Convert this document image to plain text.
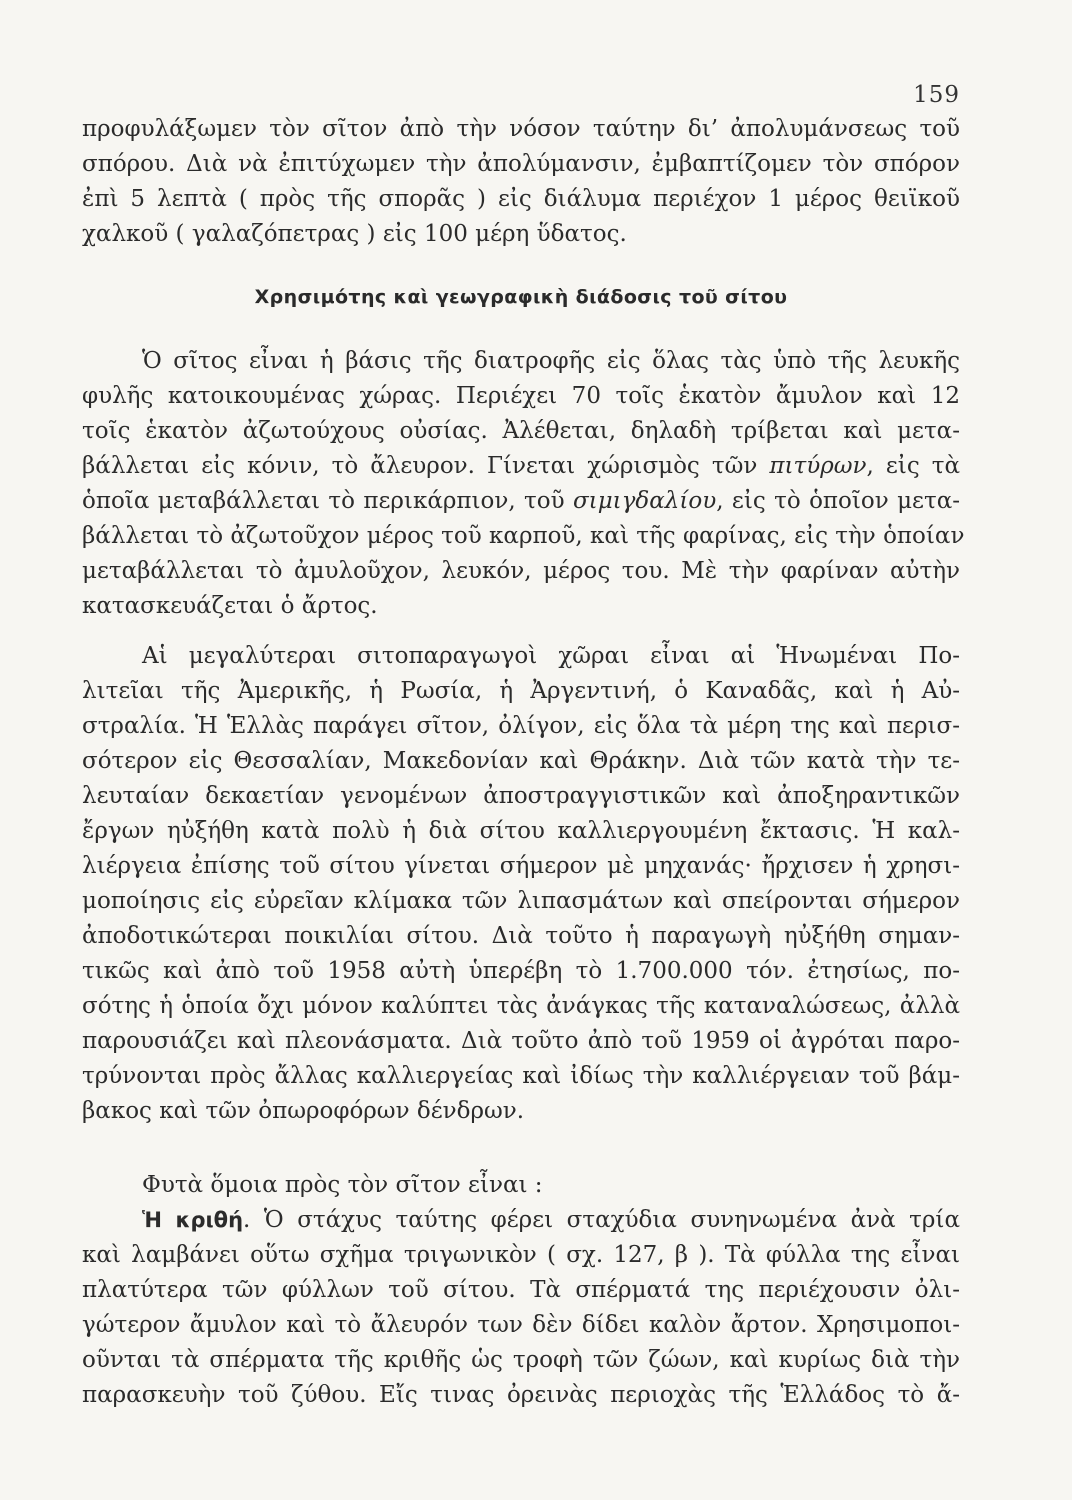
159
προφυλάξωμεν τὸν σῖτον ἀπὸ τὴν νόσον ταύτην δι’ ἀπολυμάνσεως τοῦ
σπόρου. Διὰ νὰ ἐπιτύχωμεν τὴν ἀπολύμανσιν, ἐμβαπτίζομεν τὸν σπόρον
ἐπὶ 5 λεπτὰ ( πρὸς τῆς σπορᾶς ) εἰς διάλυμα περιέχον 1 μέρος θειϊκοῦ
χαλκοῦ ( γαλαζόπετρας ) εἰς 100 μέρη ὕδατος.
Χρησιμότης καὶ γεωγραφικὴ διάδοσις τοῦ σίτου
Ὁ σῖτος εἶναι ἡ βάσις τῆς διατροφῆς εἰς ὅλας τὰς ὑπὸ τῆς λευκῆς
φυλῆς κατοικουμένας χώρας. Περιέχει 70 τοῖς ἑκατὸν ἄμυλον καὶ 12
τοῖς ἑκατὸν ἀζωτούχους οὐσίας. Ἀλέθεται, δηλαδὴ τρίβεται καὶ μετα-
βάλλεται εἰς κόνιν, τὸ ἄλευρον. Γίνεται χώρισμὸς τῶν πιτύρων, εἰς τὰ
ὁποῖα μεταβάλλεται τὸ περικάρπιον, τοῦ σιμιγδαλίου, εἰς τὸ ὁποῖον μετα-
βάλλεται τὸ ἀζωτοῦχον μέρος τοῦ καρποῦ, καὶ τῆς φαρίνας, εἰς τὴν ὁποίαν
μεταβάλλεται τὸ ἀμυλοῦχον, λευκόν, μέρος του. Μὲ τὴν φαρίναν αὐτὴν
κατασκευάζεται ὁ ἄρτος.
Αἱ μεγαλύτεραι σιτοπαραγωγοὶ χῶραι εἶναι αἱ Ἡνωμέναι Πο-
λιτεῖαι τῆς Ἀμερικῆς, ἡ Ρωσία, ἡ Ἀργεντινή, ὁ Καναδᾶς, καὶ ἡ Αὐ-
στραλία. Ἡ Ἑλλὰς παράγει σῖτον, ὀλίγον, εἰς ὅλα τὰ μέρη της καὶ περισ-
σότερον εἰς Θεσσαλίαν, Μακεδονίαν καὶ Θράκην. Διὰ τῶν κατὰ τὴν τε-
λευταίαν δεκαετίαν γενομένων ἀποστραγγιστικῶν καὶ ἀποξηραντικῶν
ἔργων ηὐξήθη κατὰ πολὺ ἡ διὰ σίτου καλλιεργουμένη ἔκτασις. Ἡ καλ-
λιέργεια ἐπίσης τοῦ σίτου γίνεται σήμερον μὲ μηχανάς· ἤρχισεν ἡ χρησι-
μοποίησις εἰς εὐρεῖαν κλίμακα τῶν λιπασμάτων καὶ σπείρονται σήμερον
ἀποδοτικώτεραι ποικιλίαι σίτου. Διὰ τοῦτο ἡ παραγωγὴ ηὐξήθη σημαν-
τικῶς καὶ ἀπὸ τοῦ 1958 αὐτὴ ὑπερέβη τὸ 1.700.000 τόν. ἐτησίως, πο-
σότης ἡ ὁποία ὄχι μόνον καλύπτει τὰς ἀνάγκας τῆς καταναλώσεως, ἀλλὰ
παρουσιάζει καὶ πλεονάσματα. Διὰ τοῦτο ἀπὸ τοῦ 1959 οἱ ἀγρόται παρο-
τρύνονται πρὸς ἄλλας καλλιεργείας καὶ ἰδίως τὴν καλλιέργειαν τοῦ βάμ-
βακος καὶ τῶν ὀπωροφόρων δένδρων.
Φυτὰ ὅμοια πρὸς τὸν σῖτον εἶναι :
Ἡ κριθή. Ὁ στάχυς ταύτης φέρει σταχύδια συνηνωμένα ἀνὰ τρία
καὶ λαμβάνει οὕτω σχῆμα τριγωνικὸν ( σχ. 127, β ). Τὰ φύλλα της εἶναι
πλατύτερα τῶν φύλλων τοῦ σίτου. Τὰ σπέρματά της περιέχουσιν ὀλι-
γώτερον ἄμυλον καὶ τὸ ἄλευρόν των δὲν δίδει καλὸν ἄρτον. Χρησιμοποι-
οῦνται τὰ σπέρματα τῆς κριθῆς ὡς τροφὴ τῶν ζώων, καὶ κυρίως διὰ τὴν
παρασκευὴν τοῦ ζύθου. Εἴς τινας ὀρεινὰς περιοχὰς τῆς Ἑλλάδος τὸ ἄ-
